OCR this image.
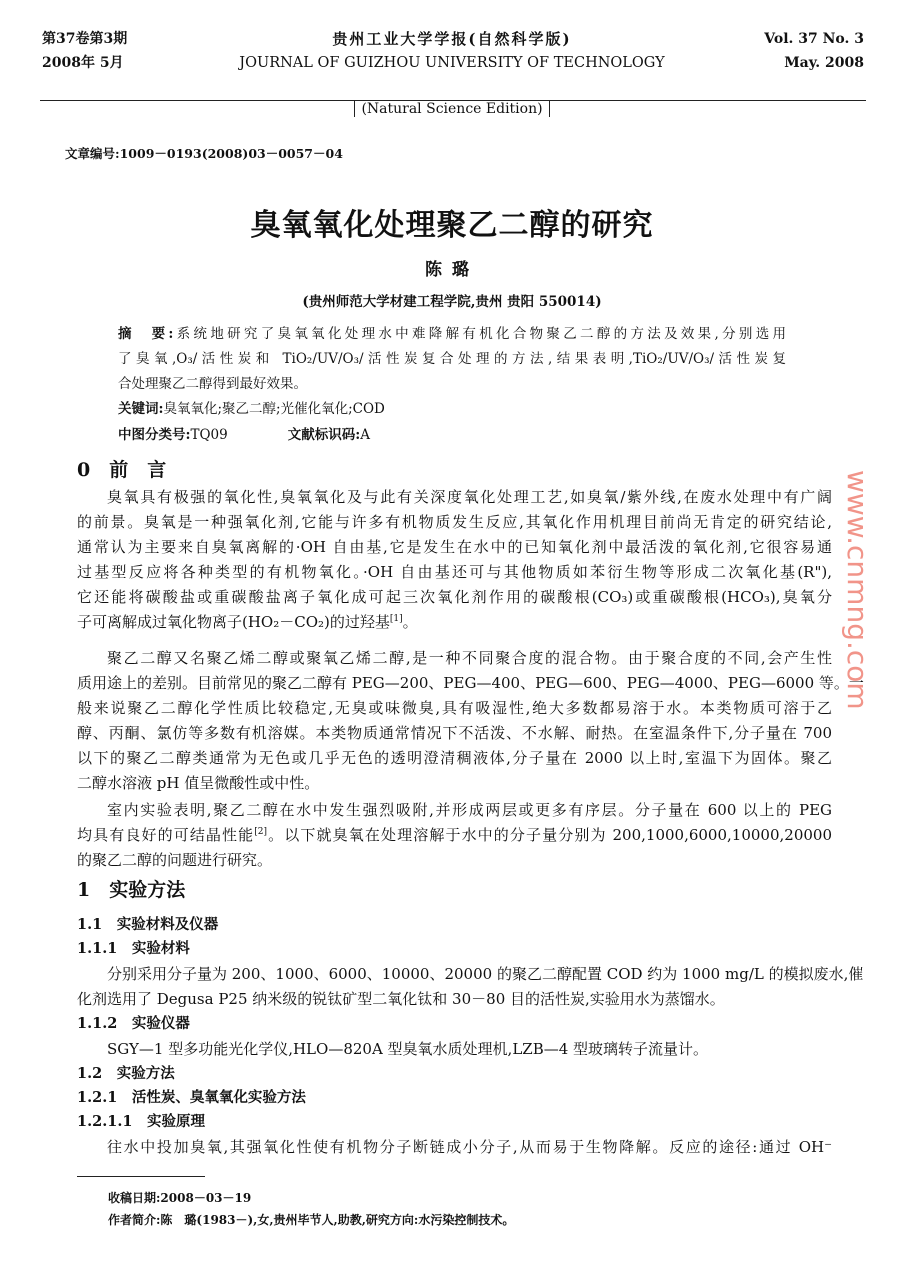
第37卷第3期
2008年 5月
贵州工业大学学报(自然科学版)
JOURNAL OF GUIZHOU UNIVERSITY OF TECHNOLOGY
Vol. 37 No. 3
May. 2008
(Natural Science Edition)
文章编号:1009－0193(2008)03－0057－04
臭氧氧化处理聚乙二醇的研究
陈璐
(贵州师范大学材建工程学院,贵州 贵阳 550014)
摘　要:系统地研究了臭氧氧化处理水中难降解有机化合物聚乙二醇的方法及效果,分别选用
了臭氧,O₃/活性炭和 TiO₂/UV/O₃/活性炭复合处理的方法,结果表明,TiO₂/UV/O₃/活性炭复
合处理聚乙二醇得到最好效果。
关键词:臭氧氧化;聚乙二醇;光催化氧化;COD
中图分类号:TQ09	文献标识码:A
0　前　言
臭氧具有极强的氧化性,臭氧氧化及与此有关深度氧化处理工艺,如臭氧/紫外线,在废水处理中有广阔
的前景。臭氧是一种强氧化剂,它能与许多有机物质发生反应,其氧化作用机理目前尚无肯定的研究结论,
通常认为主要来自臭氧离解的·OH 自由基,它是发生在水中的已知氧化剂中最活泼的氧化剂,它很容易通
过基型反应将各种类型的有机物氧化。·OH 自由基还可与其他物质如苯衍生物等形成二次氧化基(R"),
它还能将碳酸盐或重碳酸盐离子氧化成可起三次氧化剂作用的碳酸根(CO₃)或重碳酸根(HCO₃),臭氧分
子可离解成过氧化物离子(HO₂－CO₂)的过羟基[1]。
聚乙二醇又名聚乙烯二醇或聚氧乙烯二醇,是一种不同聚合度的混合物。由于聚合度的不同,会产生性
质用途上的差别。目前常见的聚乙二醇有 PEG—200、PEG—400、PEG—600、PEG—4000、PEG—6000 等。一
般来说聚乙二醇化学性质比较稳定,无臭或味微臭,具有吸湿性,绝大多数都易溶于水。本类物质可溶于乙
醇、丙酮、氯仿等多数有机溶媒。本类物质通常情况下不活泼、不水解、耐热。在室温条件下,分子量在 700
以下的聚乙二醇类通常为无色或几乎无色的透明澄清稠液体,分子量在 2000 以上时,室温下为固体。聚乙
二醇水溶液 pH 值呈微酸性或中性。
室内实验表明,聚乙二醇在水中发生强烈吸附,并形成两层或更多有序层。分子量在 600 以上的 PEG
均具有良好的可结晶性能[2]。以下就臭氧在处理溶解于水中的分子量分别为 200,1000,6000,10000,20000
的聚乙二醇的问题进行研究。
1　实验方法
1.1　实验材料及仪器
1.1.1　实验材料
分别采用分子量为 200、1000、6000、10000、20000 的聚乙二醇配置 COD 约为 1000 mg/L 的模拟废水,催
化剂选用了 Degusa P25 纳米级的锐钛矿型二氧化钛和 30－80 目的活性炭,实验用水为蒸馏水。
1.1.2　实验仪器
SGY—1 型多功能光化学仪,HLO—820A 型臭氧水质处理机,LZB—4 型玻璃转子流量计。
1.2　实验方法
1.2.1　活性炭、臭氧氧化实验方法
1.2.1.1　实验原理
往水中投加臭氧,其强氧化性使有机物分子断链成小分子,从而易于生物降解。反应的途径:通过 OH⁻
收稿日期:2008－03－19
作者简介:陈　璐(1983－),女,贵州毕节人,助教,研究方向:水污染控制技术。
www.cnmng.com
